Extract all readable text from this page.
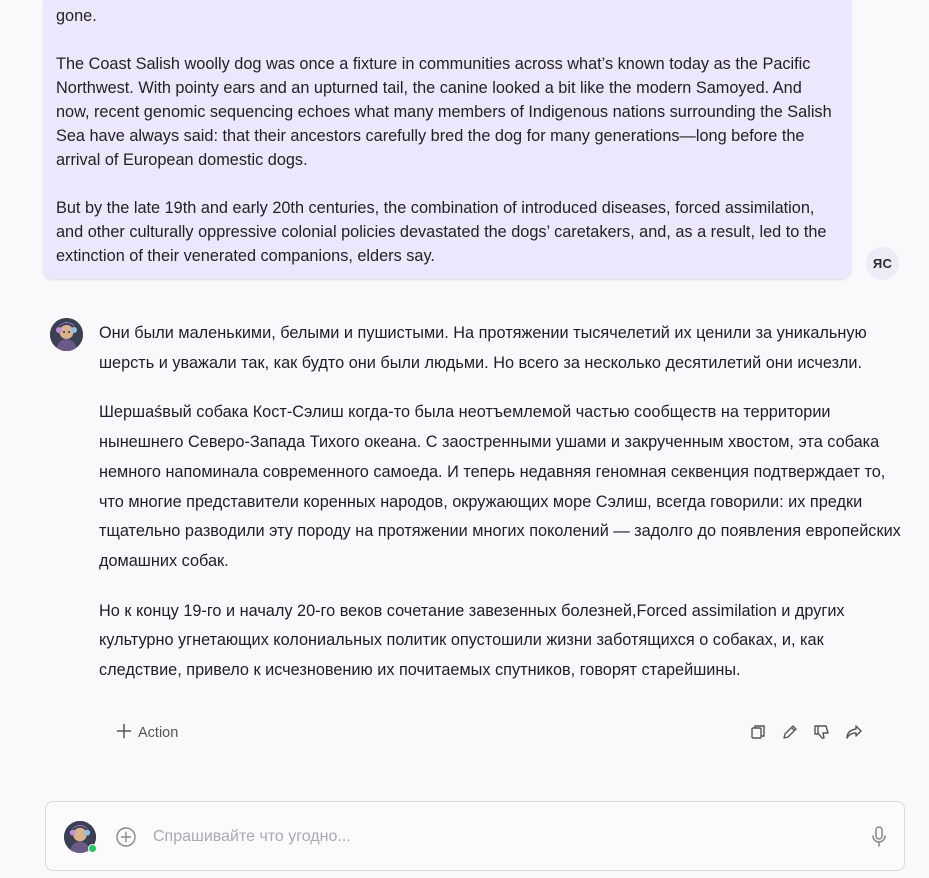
gone.

The Coast Salish woolly dog was once a fixture in communities across what’s known today as the Pacific Northwest. With pointy ears and an upturned tail, the canine looked a bit like the modern Samoyed. And now, recent genomic sequencing echoes what many members of Indigenous nations surrounding the Salish Sea have always said: that their ancestors carefully bred the dog for many generations—long before the arrival of European domestic dogs.

But by the late 19th and early 20th centuries, the combination of introduced diseases, forced assimilation, and other culturally oppressive colonial policies devastated the dogs’ caretakers, and, as a result, led to the extinction of their venerated companions, elders say.	ЯС

Они были маленькими, белыми и пушистыми. На протяжении тысячелетий их ценили за уникальную шерсть и уважали так, как будто они были людьми. Но всего за несколько десятилетий они исчезли.

Шершаśвый собака Кост-Сэлиш когда-то была неотъемлемой частью сообществ на территории нынешнего Северо-Запада Тихого океана. С заостренными ушами и закрученным хвостом, эта собака немного напоминала современного самоеда. И теперь недавняя геномная секвенция подтверждает то, что многие представители коренных народов, окружающих море Сэлиш, всегда говорили: их предки тщательно разводили эту породу на протяжении многих поколений — задолго до появления европейских домашних собак.

Но к концу 19-го и началу 20-го веков сочетание завезенных болезней,Forced assimilation и других культурно угнетающих колониальных политик опустошили жизни заботящихся о собаках, и, как следствие, привело к исчезновению их почитаемых спутников, говорят старейшины.

Action
Спрашивайте что угодно...
